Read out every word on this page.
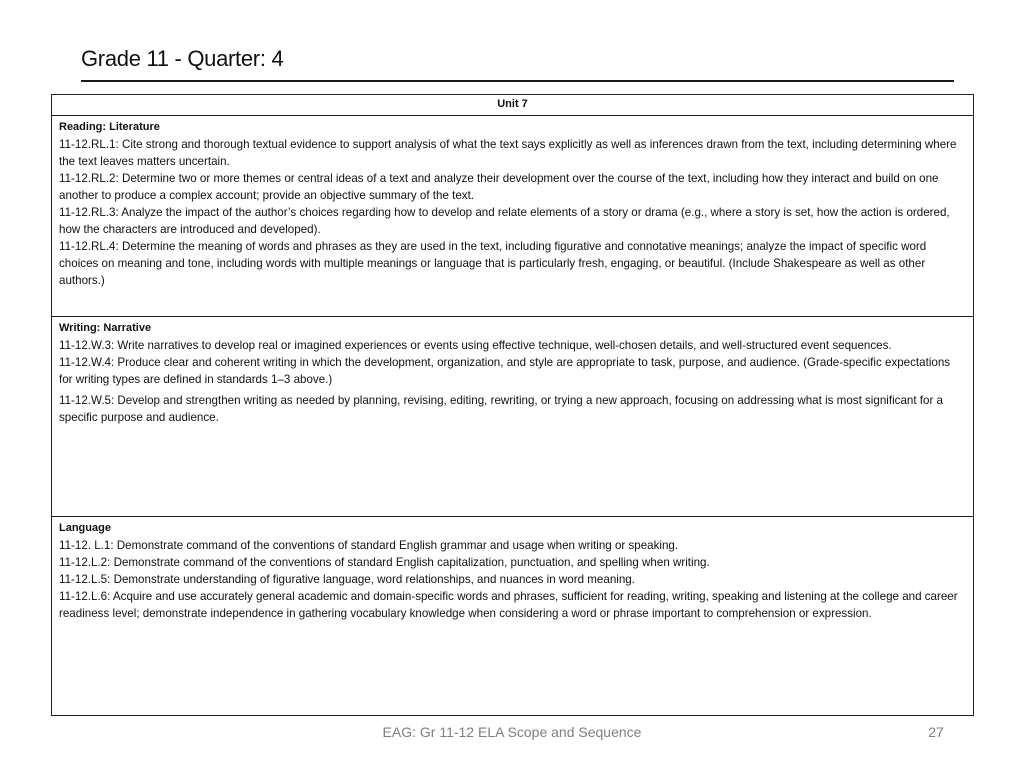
Grade 11 - Quarter: 4
Unit 7

Reading: Literature
11-12.RL.1: Cite strong and thorough textual evidence to support analysis of what the text says explicitly as well as inferences drawn from the text, including determining where the text leaves matters uncertain.
11-12.RL.2: Determine two or more themes or central ideas of a text and analyze their development over the course of the text, including how they interact and build on one another to produce a complex account; provide an objective summary of the text.
11-12.RL.3: Analyze the impact of the author’s choices regarding how to develop and relate elements of a story or drama (e.g., where a story is set, how the action is ordered, how the characters are introduced and developed).
11-12.RL.4: Determine the meaning of words and phrases as they are used in the text, including figurative and connotative meanings; analyze the impact of specific word choices on meaning and tone, including words with multiple meanings or language that is particularly fresh, engaging, or beautiful. (Include Shakespeare as well as other authors.)

Writing: Narrative
11-12.W.3: Write narratives to develop real or imagined experiences or events using effective technique, well-chosen details, and well-structured event sequences.
11-12.W.4: Produce clear and coherent writing in which the development, organization, and style are appropriate to task, purpose, and audience. (Grade-specific expectations for writing types are defined in standards 1–3 above.)
11-12.W.5: Develop and strengthen writing as needed by planning, revising, editing, rewriting, or trying a new approach, focusing on addressing what is most significant for a specific purpose and audience.

Language
11-12. L.1: Demonstrate command of the conventions of standard English grammar and usage when writing or speaking.
11-12.L.2: Demonstrate command of the conventions of standard English capitalization, punctuation, and spelling when writing.
11-12.L.5: Demonstrate understanding of figurative language, word relationships, and nuances in word meaning.
11-12.L.6: Acquire and use accurately general academic and domain-specific words and phrases, sufficient for reading, writing, speaking and listening at the college and career readiness level; demonstrate independence in gathering vocabulary knowledge when considering a word or phrase important to comprehension or expression.
EAG: Gr 11-12 ELA Scope and Sequence	27
